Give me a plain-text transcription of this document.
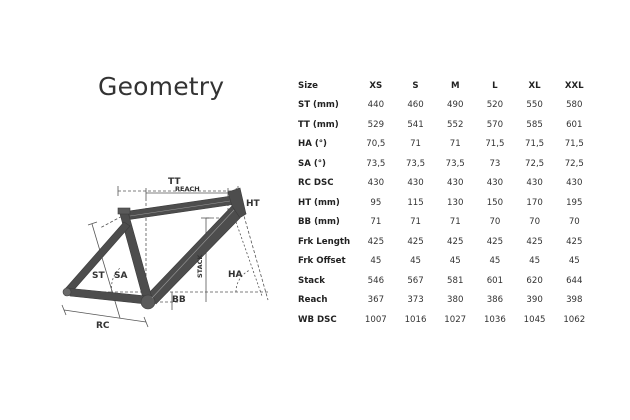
Geometry
TT
REACH
HT
STACK
ST SA	HA
BB
RC
Size	XS	S	M	L	XL	XXL
ST (mm)	440	460	490	520	550	580
TT (mm)	529	541	552	570	585	601
HA (°)	70,5	71	71	71,5	71,5	71,5
SA (°)	73,5	73,5	73,5	73	72,5	72,5
RC DSC	430	430	430	430	430	430
HT (mm)	95	115	130	150	170	195
BB (mm)	71	71	71	70	70	70
Frk Length	425	425	425	425	425	425
Frk Offset	45	45	45	45	45	45
Stack	546	567	581	601	620	644
Reach	367	373	380	386	390	398
WB DSC	1007	1016	1027	1036	1045	1062
